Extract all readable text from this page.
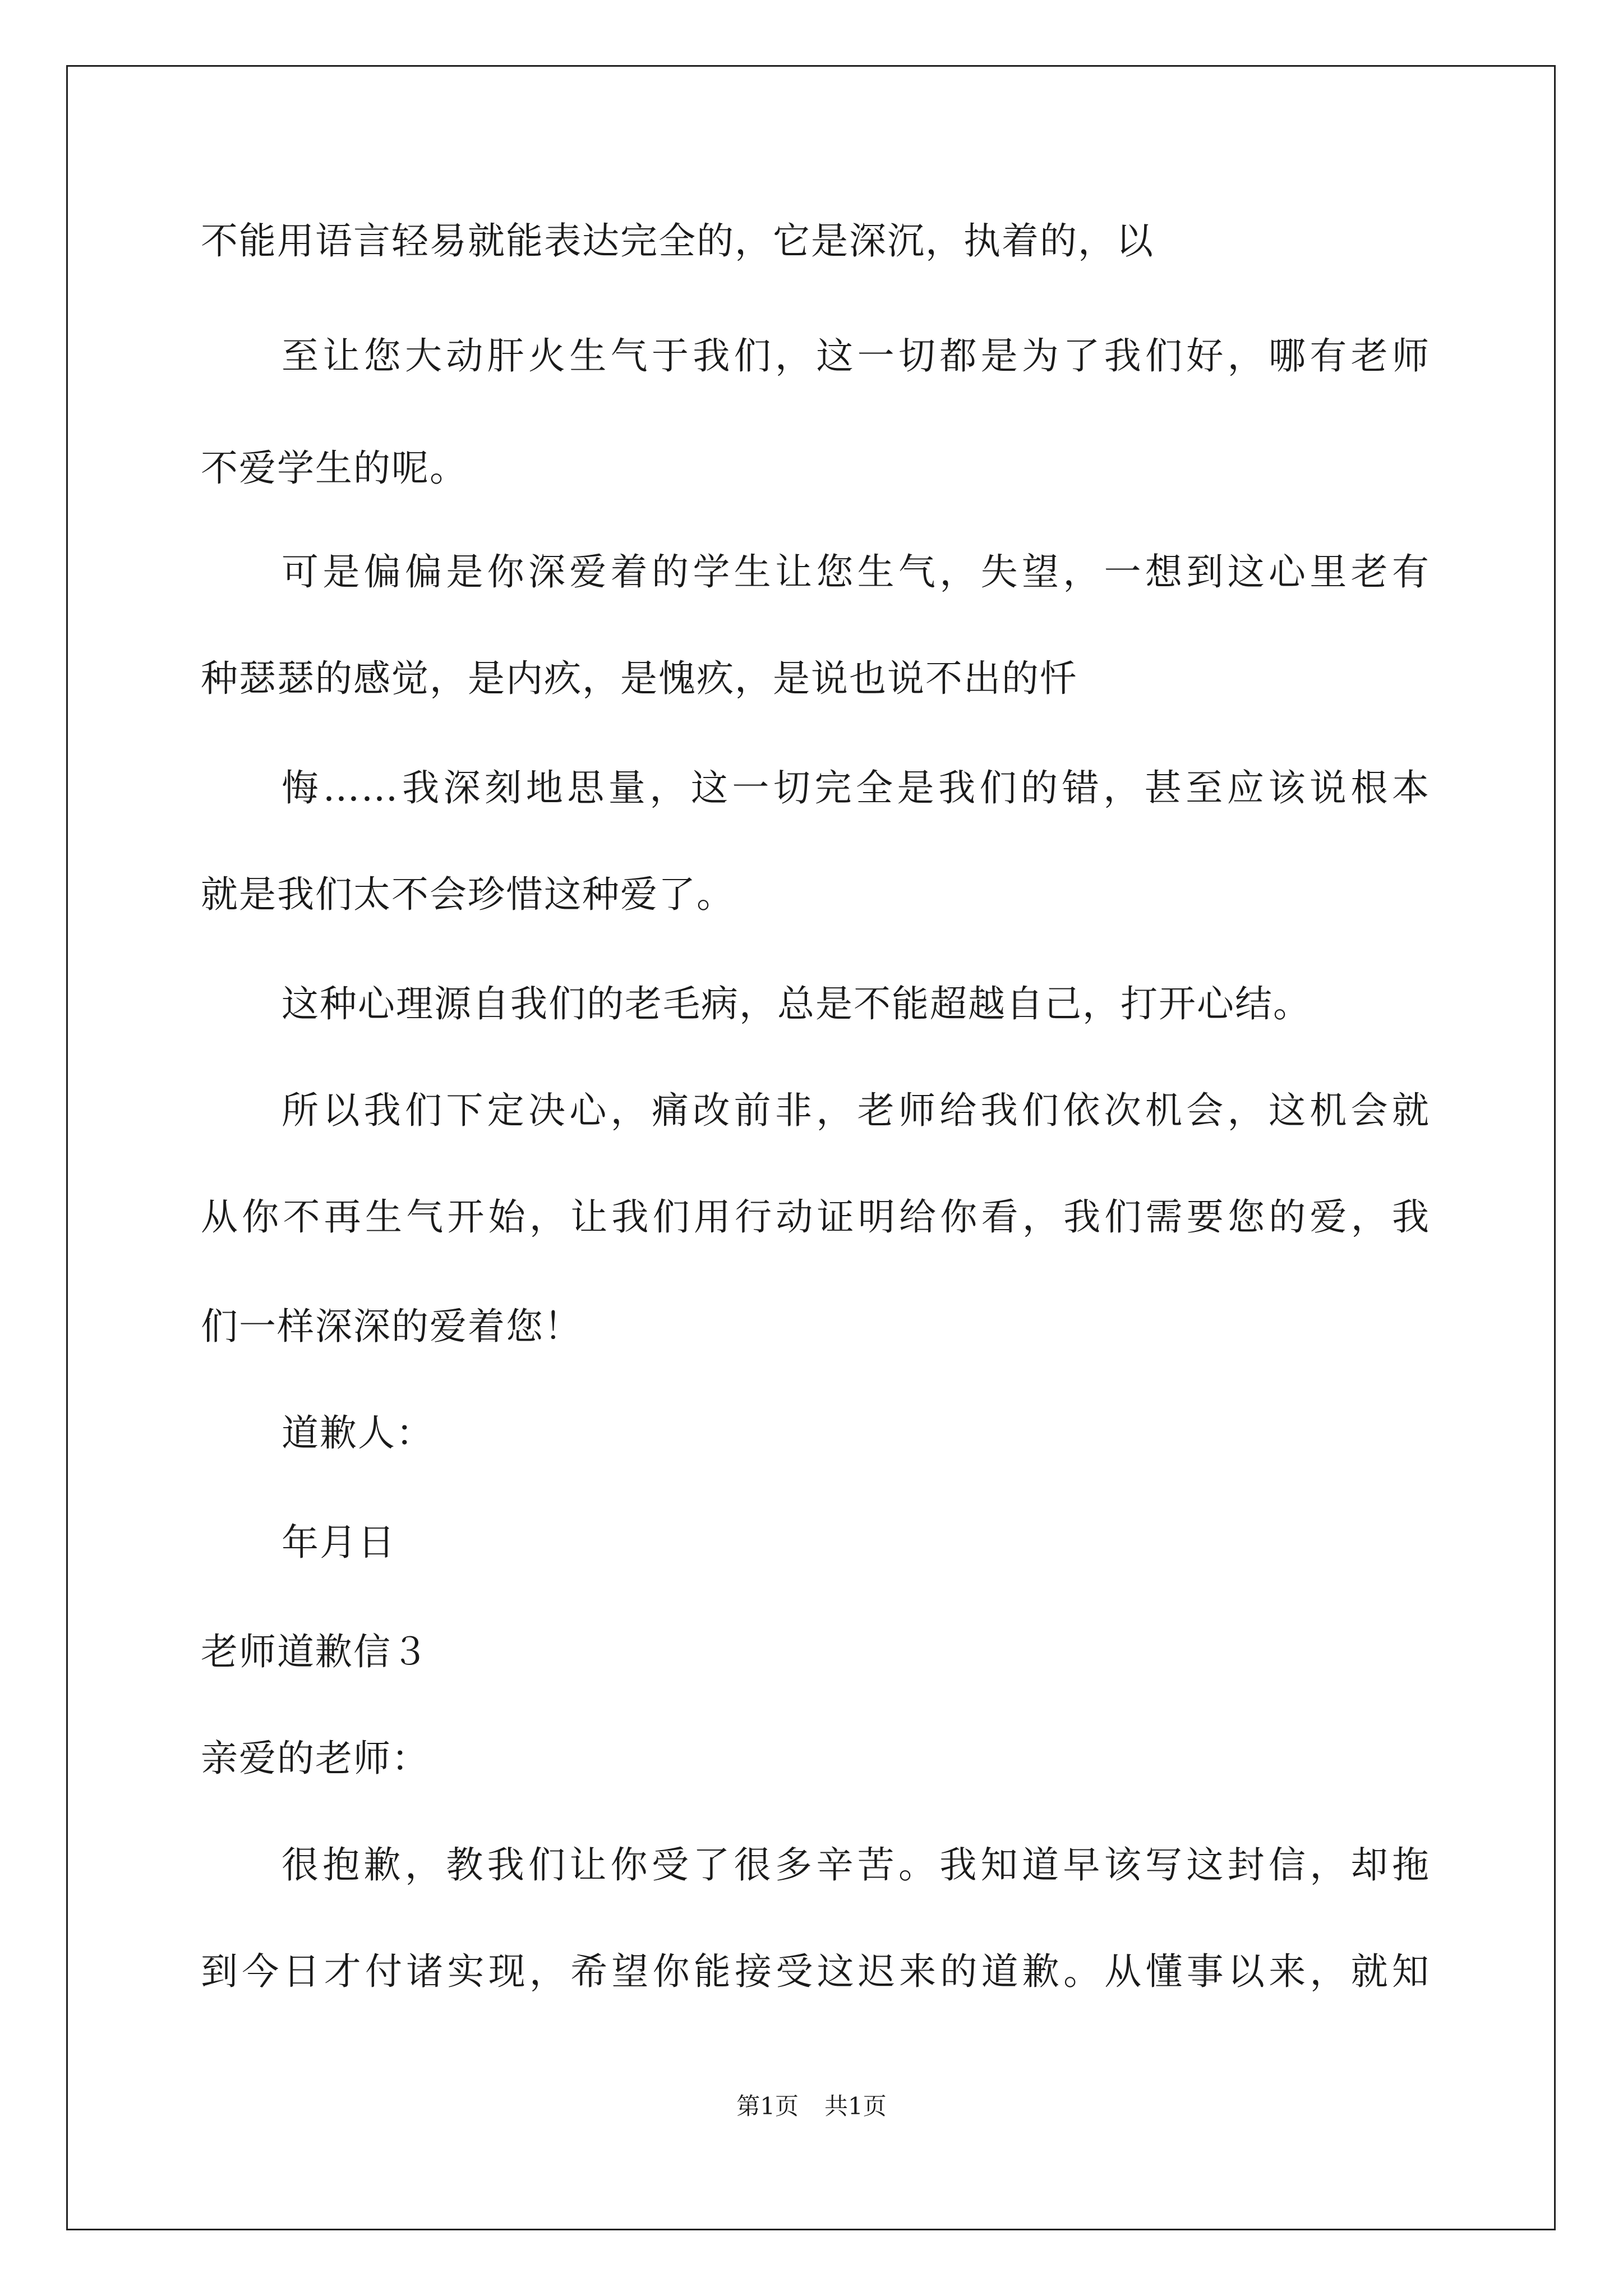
不能用语言轻易就能表达完全的，它是深沉，执着的，以
至让您大动肝火生气于我们，这一切都是为了我们好，哪有老师
不爱学生的呢。
可是偏偏是你深爱着的学生让您生气，失望，一想到这心里老有
种瑟瑟的感觉，是内疚，是愧疚，是说也说不出的忏
悔……我深刻地思量，这一切完全是我们的错，甚至应该说根本
就是我们太不会珍惜这种爱了。
这种心理源自我们的老毛病，总是不能超越自己，打开心结。
所以我们下定决心，痛改前非，老师给我们依次机会，这机会就
从你不再生气开始，让我们用行动证明给你看，我们需要您的爱，我
们一样深深的爱着您！
道歉人：
年月日
老师道歉信３
亲爱的老师：
很抱歉，教我们让你受了很多辛苦。我知道早该写这封信，却拖
到今日才付诸实现，希望你能接受这迟来的道歉。从懂事以来，就知
第1页 共1页
